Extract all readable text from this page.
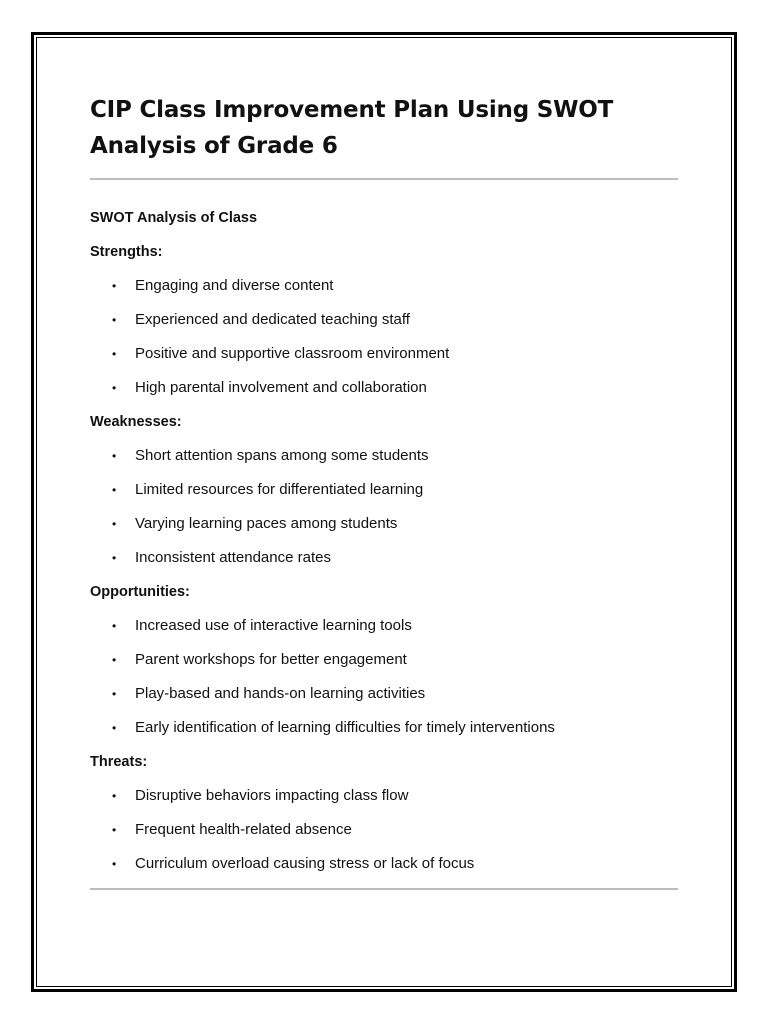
CIP Class Improvement Plan Using SWOT Analysis of Grade 6

SWOT Analysis of Class

Strengths:

• Engaging and diverse content
• Experienced and dedicated teaching staff
• Positive and supportive classroom environment
• High parental involvement and collaboration

Weaknesses:

• Short attention spans among some students
• Limited resources for differentiated learning
• Varying learning paces among students
• Inconsistent attendance rates

Opportunities:

• Increased use of interactive learning tools
• Parent workshops for better engagement
• Play-based and hands-on learning activities
• Early identification of learning difficulties for timely interventions

Threats:

• Disruptive behaviors impacting class flow
• Frequent health-related absence
• Curriculum overload causing stress or lack of focus
